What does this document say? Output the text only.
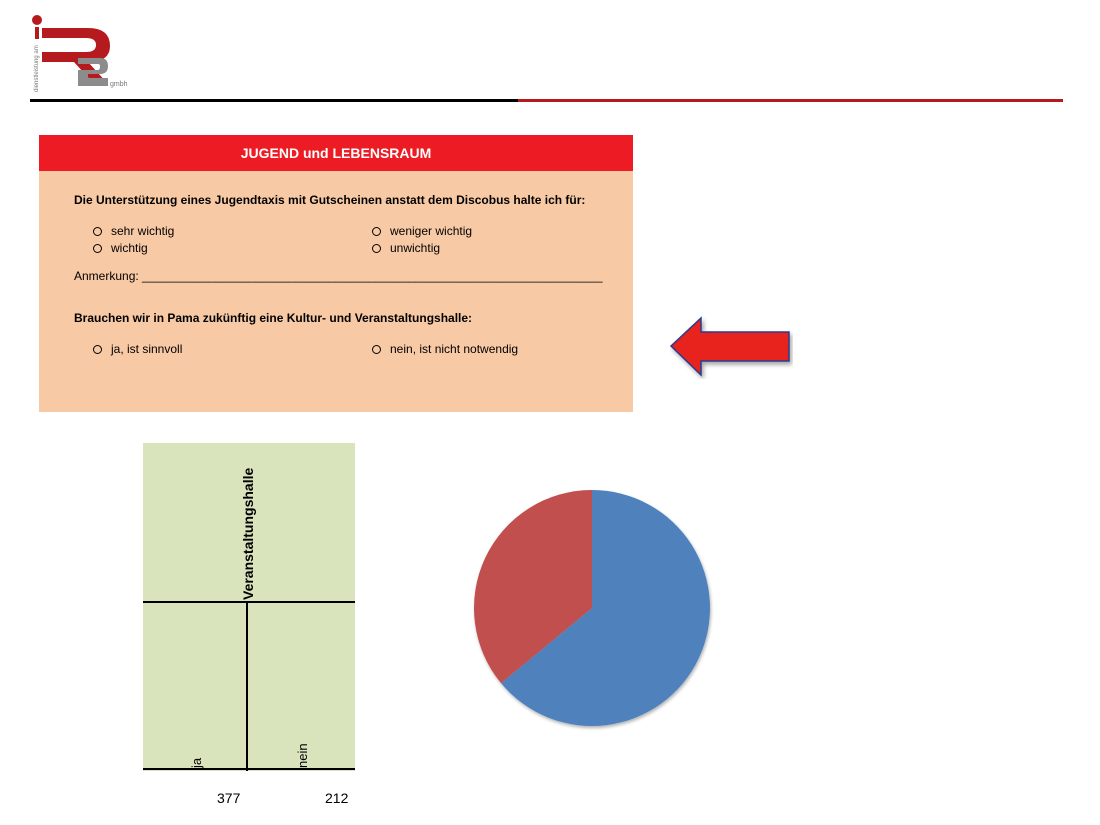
dienstleistung am	gmbh
JUGEND und LEBENSRAUM
Die Unterstützung eines Jugendtaxis mit Gutscheinen anstatt dem Discobus halte ich für:
sehr wichtig
wichtig
weniger wichtig
unwichtig
Anmerkung: _____________________________________________________________________
Brauchen wir in Pama zukünftig eine Kultur- und Veranstaltungshalle:
ja, ist sinnvoll	nein, ist nicht notwendig
Veranstaltungshalle
ja	nein
377	212
